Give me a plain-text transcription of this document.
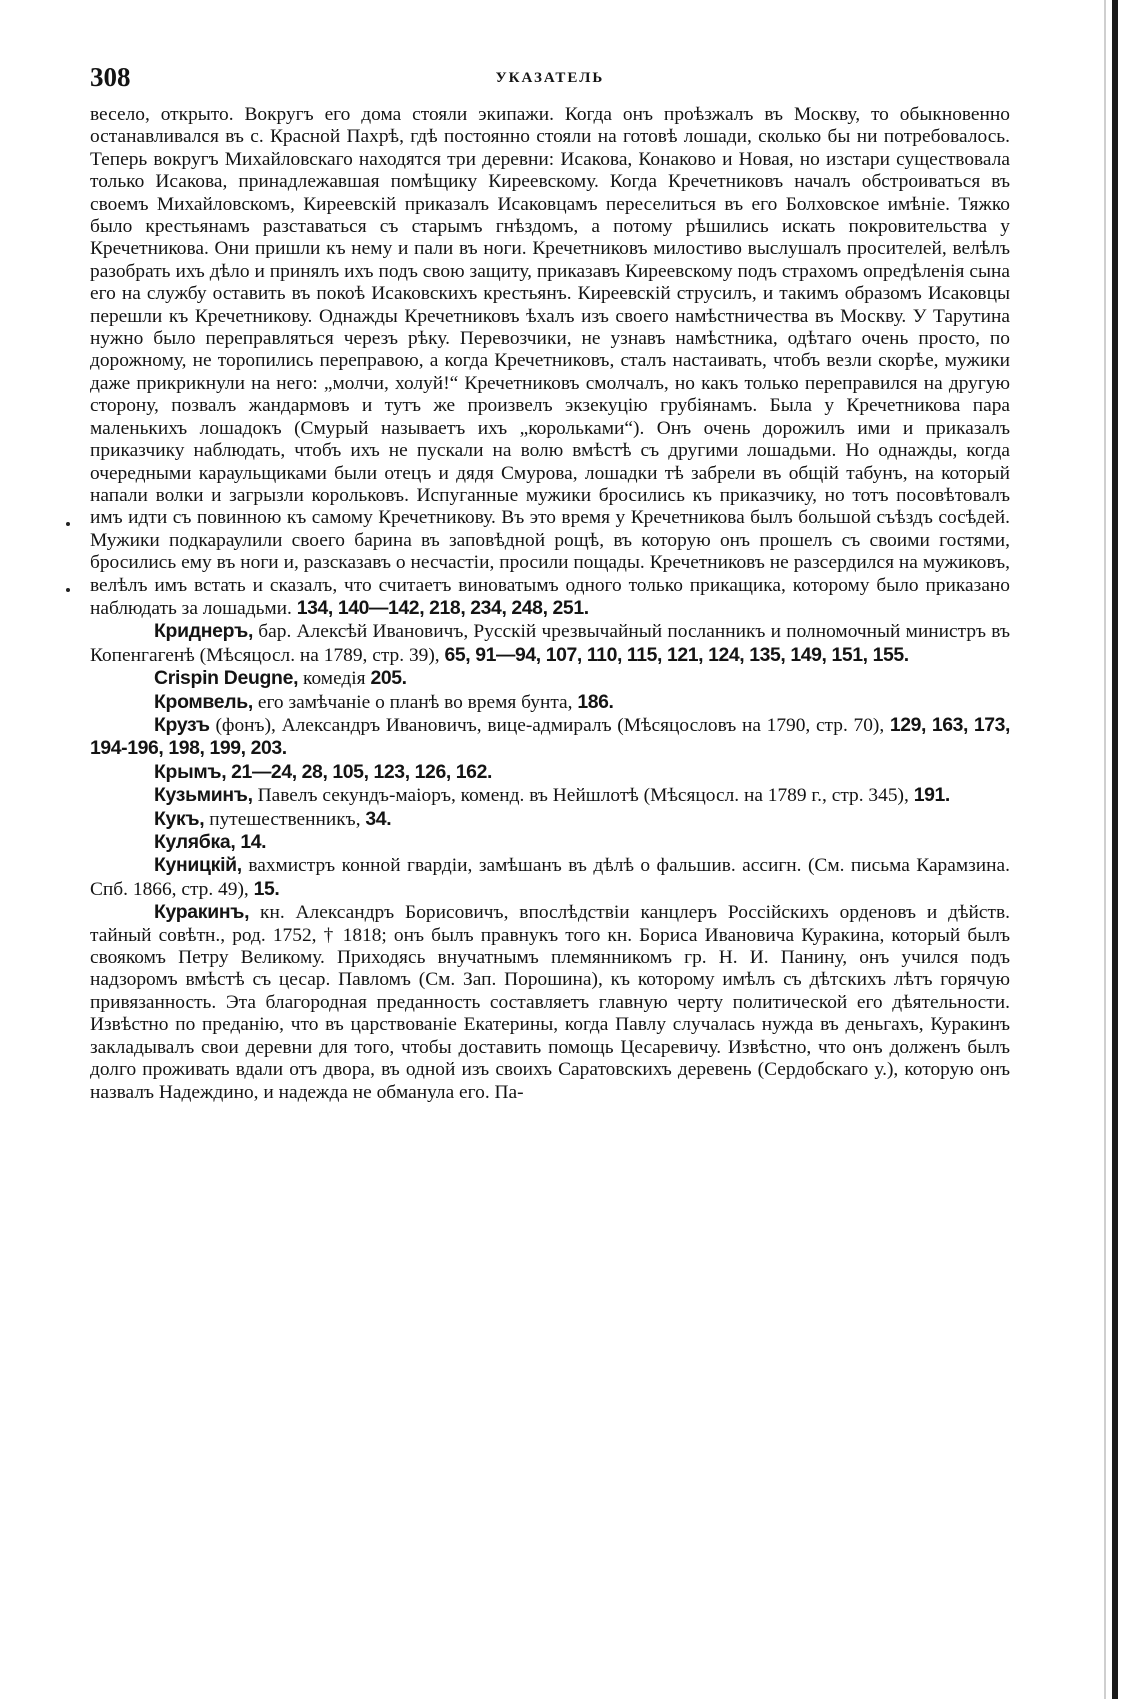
308	УКАЗАТЕЛЬ

весело, открыто. Вокругъ его дома стояли экипажи. Когда онъ проѣзжалъ въ Москву, то обыкновенно останавливался въ с. Красной Пахрѣ, гдѣ постоянно стояли на готовѣ лошади, сколько бы ни потребовалось. Теперь вокругъ Михайловскаго находятся три деревни: Исакова, Конаково и Новая, но изстари существовала только Исакова, принадлежавшая помѣщику Киреевскому. Когда Кречетниковъ началъ обстроиваться въ своемъ Михайловскомъ, Киреевскій приказалъ Исаковцамъ переселиться въ его Болховское имѣніе. Тяжко было крестьянамъ разставаться съ старымъ гнѣздомъ, а потому рѣшились искать покровительства у Кречетникова. Они пришли къ нему и пали въ ноги. Кречетниковъ милостиво выслушалъ просителей, велѣлъ разобрать ихъ дѣло и принялъ ихъ подъ свою защиту, приказавъ Киреевскому подъ страхомъ опредѣленія сына его на службу оставить въ покоѣ Исаковскихъ крестьянъ. Киреевскій струсилъ, и такимъ образомъ Исаковцы перешли къ Кречетникову. Однажды Кречетниковъ ѣхалъ изъ своего намѣстничества въ Москву. У Тарутина нужно было переправляться черезъ рѣку. Перевозчики, не узнавъ намѣстника, одѣтаго очень просто, по дорожному, не торопились переправою, а когда Кречетниковъ, сталъ настаивать, чтобъ везли скорѣе, мужики даже прикрикнули на него: „молчи, холуй!“ Кречетниковъ смолчалъ, но какъ только переправился на другую сторону, позвалъ жандармовъ и тутъ же произвелъ экзекуцію грубіянамъ. Была у Кречетникова пара маленькихъ лошадокъ (Смурый называетъ ихъ „корольками“). Онъ очень дорожилъ ими и приказалъ приказчику наблюдать, чтобъ ихъ не пускали на волю вмѣстѣ съ другими лошадьми. Но однажды, когда очередными караульщиками были отецъ и дядя Смурова, лошадки тѣ забрели въ общій табунъ, на который напали волки и загрызли корольковъ. Испуганные мужики бросились къ приказчику, но тотъ посовѣтовалъ имъ идти съ повинною къ самому Кречетникову. Въ это время у Кречетникова былъ большой съѣздъ сосѣдей. Мужики подкараулили своего барина въ заповѣдной рощѣ, въ которую онъ прошелъ съ своими гостями, бросились ему въ ноги и, разсказавъ о несчастіи, просили пощады. Кречетниковъ не разсердился на мужиковъ, велѣлъ имъ встать и сказалъ, что считаетъ виноватымъ одного только прикащика, которому было приказано наблюдать за лошадьми. 134, 140—142, 218, 234, 248, 251.

Криднеръ, бар. Алексѣй Ивановичъ, Русскій чрезвычайный посланникъ и полномочный министръ въ Копенгагенѣ (Мѣсяцосл. на 1789, стр. 39), 65, 91—94, 107, 110, 115, 121, 124, 135, 149, 151, 155.

Crispin Deugne, комедія 205.

Кромвель, его замѣчаніе о планѣ во время бунта, 186.

Крузъ (фонъ), Александръ Ивановичъ, вице-адмиралъ (Мѣсяцословъ на 1790, стр. 70), 129, 163, 173, 194-196, 198, 199, 203.

Крымъ, 21—24, 28, 105, 123, 126, 162.

Кузьминъ, Павелъ секундъ-маіоръ, коменд. въ Нейшлотѣ (Мѣсяцосл. на 1789 г., стр. 345), 191.

Кукъ, путешественникъ, 34.

Кулябка, 14.

Куницкій, вахмистръ конной гвардіи, замѣшанъ въ дѣлѣ о фальшив. ассигн. (См. письма Карамзина. Спб. 1866, стр. 49), 15.

Куракинъ, кн. Александръ Борисовичъ, впослѣдствіи канцлеръ Россійскихъ орденовъ и дѣйств. тайный совѣтн., род. 1752, † 1818; онъ былъ правнукъ того кн. Бориса Ивановича Куракина, который былъ своякомъ Петру Великому. Приходясь внучатнымъ племянникомъ гр. Н. И. Панину, онъ учился подъ надзоромъ вмѣстѣ съ цесар. Павломъ (См. Зап. Порошина), къ которому имѣлъ съ дѣтскихъ лѣтъ горячую привязанность. Эта благородная преданность составляетъ главную черту политической его дѣятельности. Извѣстно по преданію, что въ царствованіе Екатерины, когда Павлу случалась нужда въ деньгахъ, Куракинъ закладывалъ свои деревни для того, чтобы доставить помощь Цесаревичу. Извѣстно, что онъ долженъ былъ долго проживать вдали отъ двора, въ одной изъ своихъ Саратовскихъ деревень (Сердобскаго у.), которую онъ назвалъ Надеждино, и надежда не обманула его. Па-
